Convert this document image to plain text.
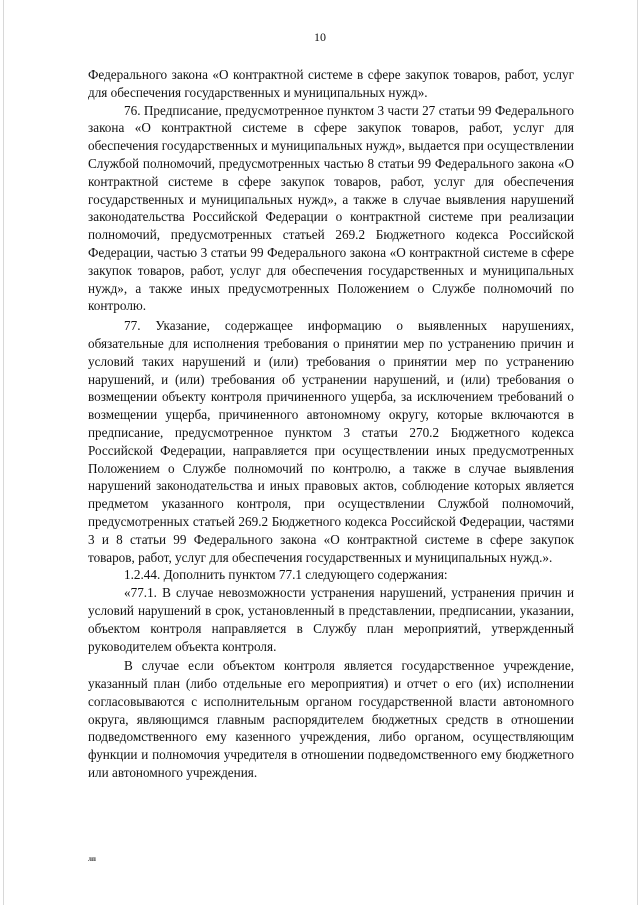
10

Федерального закона «О контрактной системе в сфере закупок товаров, работ, услуг для обеспечения государственных и муниципальных нужд».

76. Предписание, предусмотренное пунктом 3 части 27 статьи 99 Федерального закона «О контрактной системе в сфере закупок товаров, работ, услуг для обеспечения государственных и муниципальных нужд», выдается при осуществлении Службой полномочий, предусмотренных частью 8 статьи 99 Федерального закона «О контрактной системе в сфере закупок товаров, работ, услуг для обеспечения государственных и муниципальных нужд», а также в случае выявления нарушений законодательства Российской Федерации о контрактной системе при реализации полномочий, предусмотренных статьей 269.2 Бюджетного кодекса Российской Федерации, частью 3 статьи 99 Федерального закона «О контрактной системе в сфере закупок товаров, работ, услуг для обеспечения государственных и муниципальных нужд», а также иных предусмотренных Положением о Службе полномочий по контролю.

77. Указание, содержащее информацию о выявленных нарушениях, обязательные для исполнения требования о принятии мер по устранению причин и условий таких нарушений и (или) требования о принятии мер по устранению нарушений, и (или) требования об устранении нарушений, и (или) требования о возмещении объекту контроля причиненного ущерба, за исключением требований о возмещении ущерба, причиненного автономному округу, которые включаются в предписание, предусмотренное пунктом 3 статьи 270.2 Бюджетного кодекса Российской Федерации, направляется при осуществлении иных предусмотренных Положением о Службе полномочий по контролю, а также в случае выявления нарушений законодательства и иных правовых актов, соблюдение которых является предметом указанного контроля, при осуществлении Службой полномочий, предусмотренных статьей 269.2 Бюджетного кодекса Российской Федерации, частями 3 и 8 статьи 99 Федерального закона «О контрактной системе в сфере закупок товаров, работ, услуг для обеспечения государственных и муниципальных нужд.».

1.2.44. Дополнить пунктом 77.1 следующего содержания:

«77.1. В случае невозможности устранения нарушений, устранения причин и условий нарушений в срок, установленный в представлении, предписании, указании, объектом контроля направляется в Службу план мероприятий, утвержденный руководителем объекта контроля.

В случае если объектом контроля является государственное учреждение, указанный план (либо отдельные его мероприятия) и отчет о его (их) исполнении согласовываются с исполнительным органом государственной власти автономного округа, являющимся главным распорядителем бюджетных средств в отношении подведомственного ему казенного учреждения, либо органом, осуществляющим функции и полномочия учредителя в отношении подведомственного ему бюджетного или автономного учреждения.

лп
